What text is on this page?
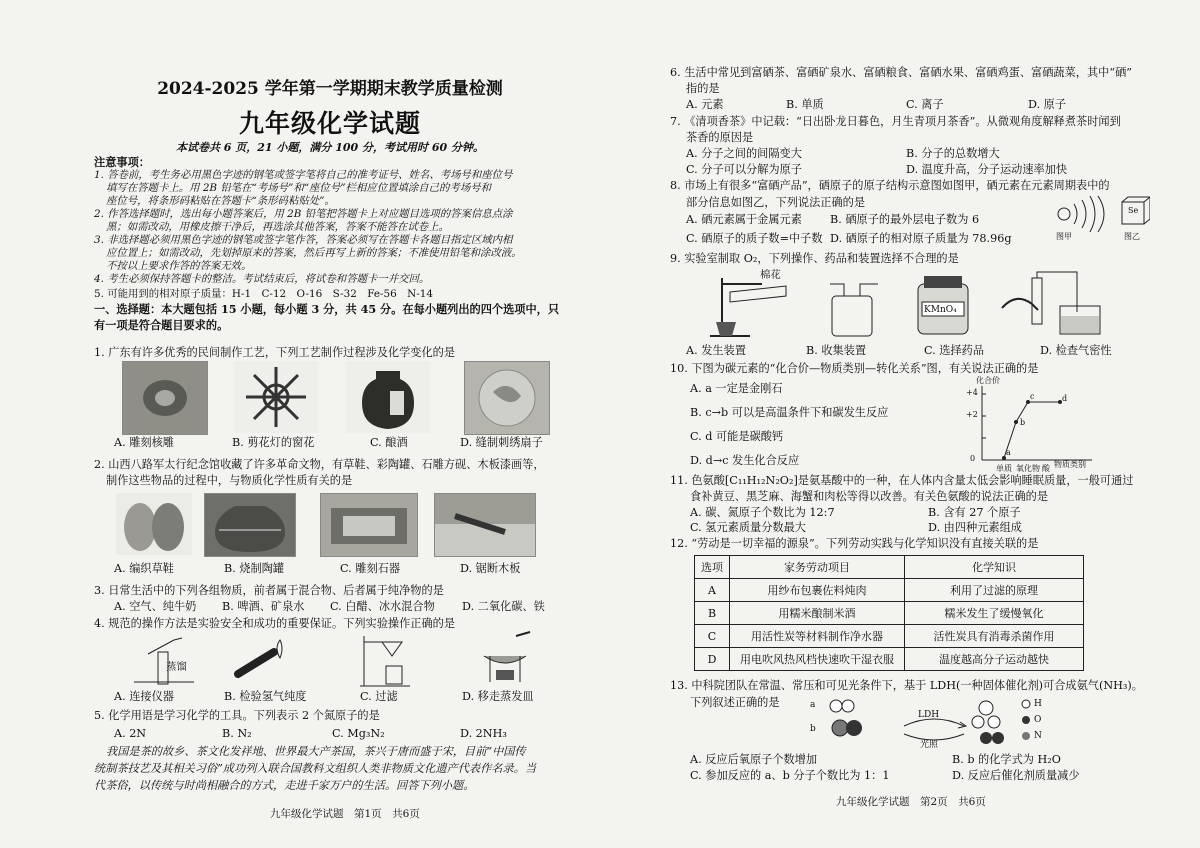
2024-2025 学年第一学期期末教学质量检测
九年级化学试题
本试卷共 6 页，21 小题，满分 100 分，考试用时 60 分钟。
注意事项：
1. 答卷前，考生务必用黑色字迹的钢笔或签字笔将自己的准考证号、姓名、考场号和座位号
填写在答题卡上。用 2B 铅笔在“考场号”和“座位号”栏相应位置填涂自己的考场号和
座位号，将条形码粘贴在答题卡“条形码粘贴处”。
2. 作答选择题时，选出每小题答案后，用 2B 铅笔把答题卡上对应题目选项的答案信息点涂
黑；如需改动，用橡皮擦干净后，再选涂其他答案，答案不能答在试卷上。
3. 非选择题必须用黑色字迹的钢笔或签字笔作答，答案必须写在答题卡各题目指定区域内相
应位置上；如需改动，先划掉原来的答案，然后再写上新的答案；不准使用铅笔和涂改液。
不按以上要求作答的答案无效。
4. 考生必须保持答题卡的整洁。考试结束后，将试卷和答题卡一并交回。
5. 可能用到的相对原子质量：H-1　C-12　O-16　S-32　Fe-56　N-14
一、选择题：本大题包括 15 小题，每小题 3 分，共 45 分。在每小题列出的四个选项中，只
有一项是符合题目要求的。
1. 广东有许多优秀的民间制作工艺，下列工艺制作过程涉及化学变化的是
A. 雕刻核雕	B. 剪花灯的窗花	C. 酿酒	D. 缝制刺绣扇子
2. 山西八路军太行纪念馆收藏了许多革命文物，有草鞋、彩陶罐、石雕方砚、木板漆画等，
制作这些物品的过程中，与物质化学性质有关的是
A. 编织草鞋	B. 烧制陶罐	C. 雕刻石器	D. 锯断木板
3. 日常生活中的下列各组物质，前者属于混合物、后者属于纯净物的是
A. 空气、纯牛奶 B. 啤酒、矿泉水 C. 白醋、冰水混合物 D. 二氧化碳、铁
4. 规范的操作方法是实验安全和成功的重要保证。下列实验操作正确的是
蒸馏
A. 连接仪器	B. 检验氢气纯度	C. 过滤	D. 移走蒸发皿
5. 化学用语是学习化学的工具。下列表示 2 个氮原子的是
A. 2N	B. N₂	C. Mg₃N₂	D. 2NH₃
我国是茶的故乡、茶文化发祥地、世界最大产茶国，茶兴于唐而盛于宋，目前“中国传
统制茶技艺及其相关习俗”成功列入联合国教科文组织人类非物质文化遗产代表作名录。当
代茶俗，以传统与时尚相融合的方式，走进千家万户的生活。回答下列小题。
九年级化学试题　第1页　共6页
6. 生活中常见到富硒茶、富硒矿泉水、富硒粮食、富硒水果、富硒鸡蛋、富硒蔬菜，其中“硒”
指的是
A. 元素	B. 单质	C. 离子	D. 原子
7. 《清项香茶》中记载：“日出卧龙日暮色，月生青项月茶香”。从微观角度解释煮茶时闻到
茶香的原因是
A. 分子之间的间隔变大	B. 分子的总数增大
C. 分子可以分解为原子	D. 温度升高，分子运动速率加快
8. 市场上有很多“富硒产品”，硒原子的原子结构示意图如图甲，硒元素在元素周期表中的
部分信息如图乙，下列说法正确的是
A. 硒元素属于金属元素	B. 硒原子的最外层电子数为 6
C. 硒原子的质子数=中子数 D. 硒原子的相对原子质量为 78.96g
Se
图甲	图乙
9. 实验室制取 O₂，下列操作、药品和装置选择不合理的是
棉花
KMnO₄
A. 发生装置	B. 收集装置	C. 选择药品	D. 检查气密性
10. 下图为碳元素的“化合价—物质类别—转化关系”图，有关说法正确的是
A. a 一定是金刚石
B. c→b 可以是高温条件下和碳发生反应
C. d 可能是碳酸钙
D. d→c 发生化合反应
化合价
物质类别
单质 氧化物 酸
+4
+2
0
a
b
c	d
11. 色氨酸[C₁₁H₁₂N₂O₂]是氨基酸中的一种，在人体内含量太低会影响睡眠质量，一般可通过
食补黄豆、黑芝麻、海蟹和肉松等得以改善。有关色氨酸的说法正确的是
A. 碳、氮原子个数比为 12:7	B. 含有 27 个原子
C. 氢元素质量分数最大	D. 由四种元素组成
12. “劳动是一切幸福的源泉”。下列劳动实践与化学知识没有直接关联的是
选项	家务劳动项目	化学知识
A	用纱布包裹佐料炖肉	利用了过滤的原理
B	用糯米酿制米酒	糯米发生了缓慢氧化
C	用活性炭等材料制作净水器	活性炭具有消毒杀菌作用
D	用电吹风热风档快速吹干湿衣服	温度越高分子运动越快
13. 中科院团队在常温、常压和可见光条件下，基于 LDH(一种固体催化剂)可合成氨气(NH₃)。
下列叙述正确的是	a
b
LDH
光照
H
O
N
A. 反应后氧原子个数增加	B. b 的化学式为 H₂O
C. 参加反应的 a、b 分子个数比为 1：1	D. 反应后催化剂质量减少
九年级化学试题　第2页　共6页
